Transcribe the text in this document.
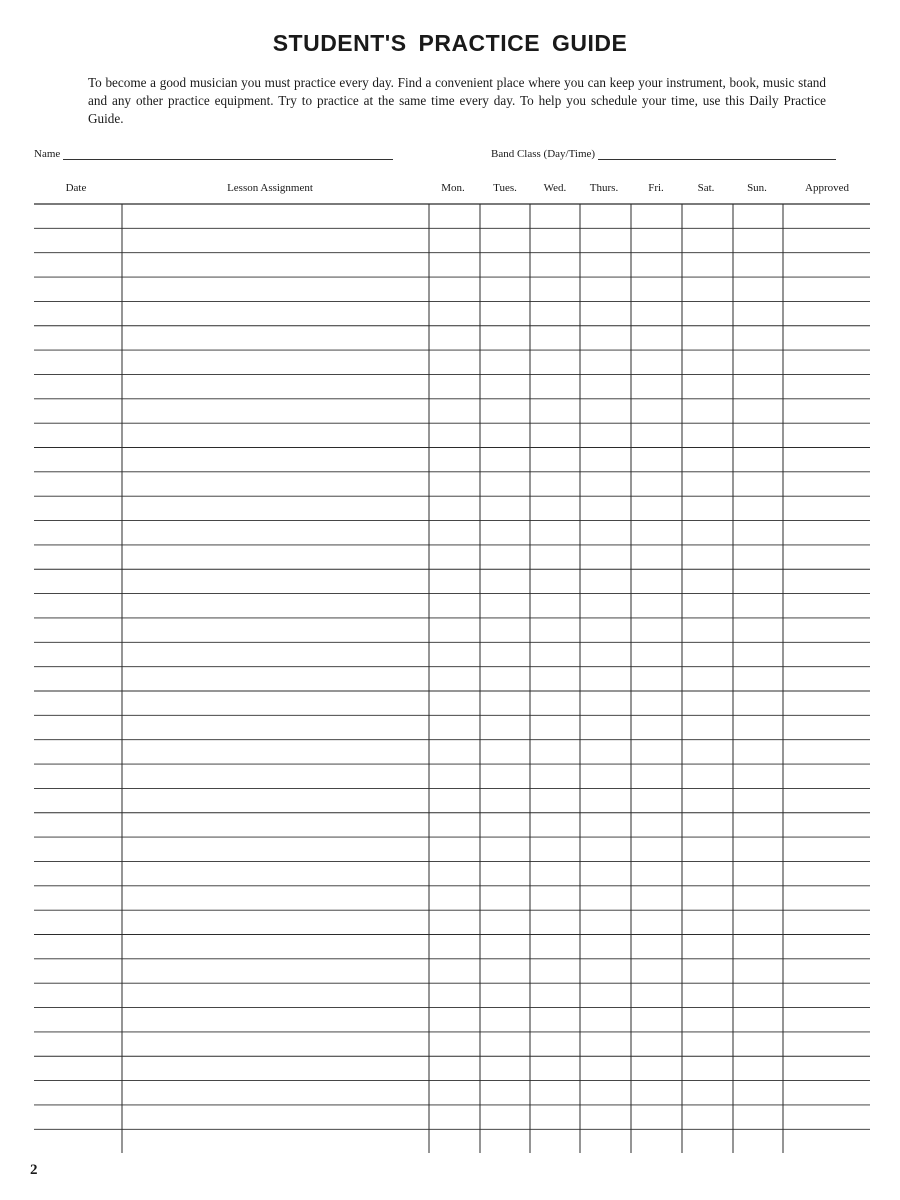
STUDENT'S PRACTICE GUIDE
To become a good musician you must practice every day. Find a convenient place where you can keep your instrument, book, music stand and any other practice equipment. Try to practice at the same time every day. To help you schedule your time, use this Daily Practice Guide.
Name	Band Class (Day/Time)
Date	Lesson Assignment	Mon.	Tues.	Wed.	Thurs.	Fri.	Sat.	Sun.	Approved
2
